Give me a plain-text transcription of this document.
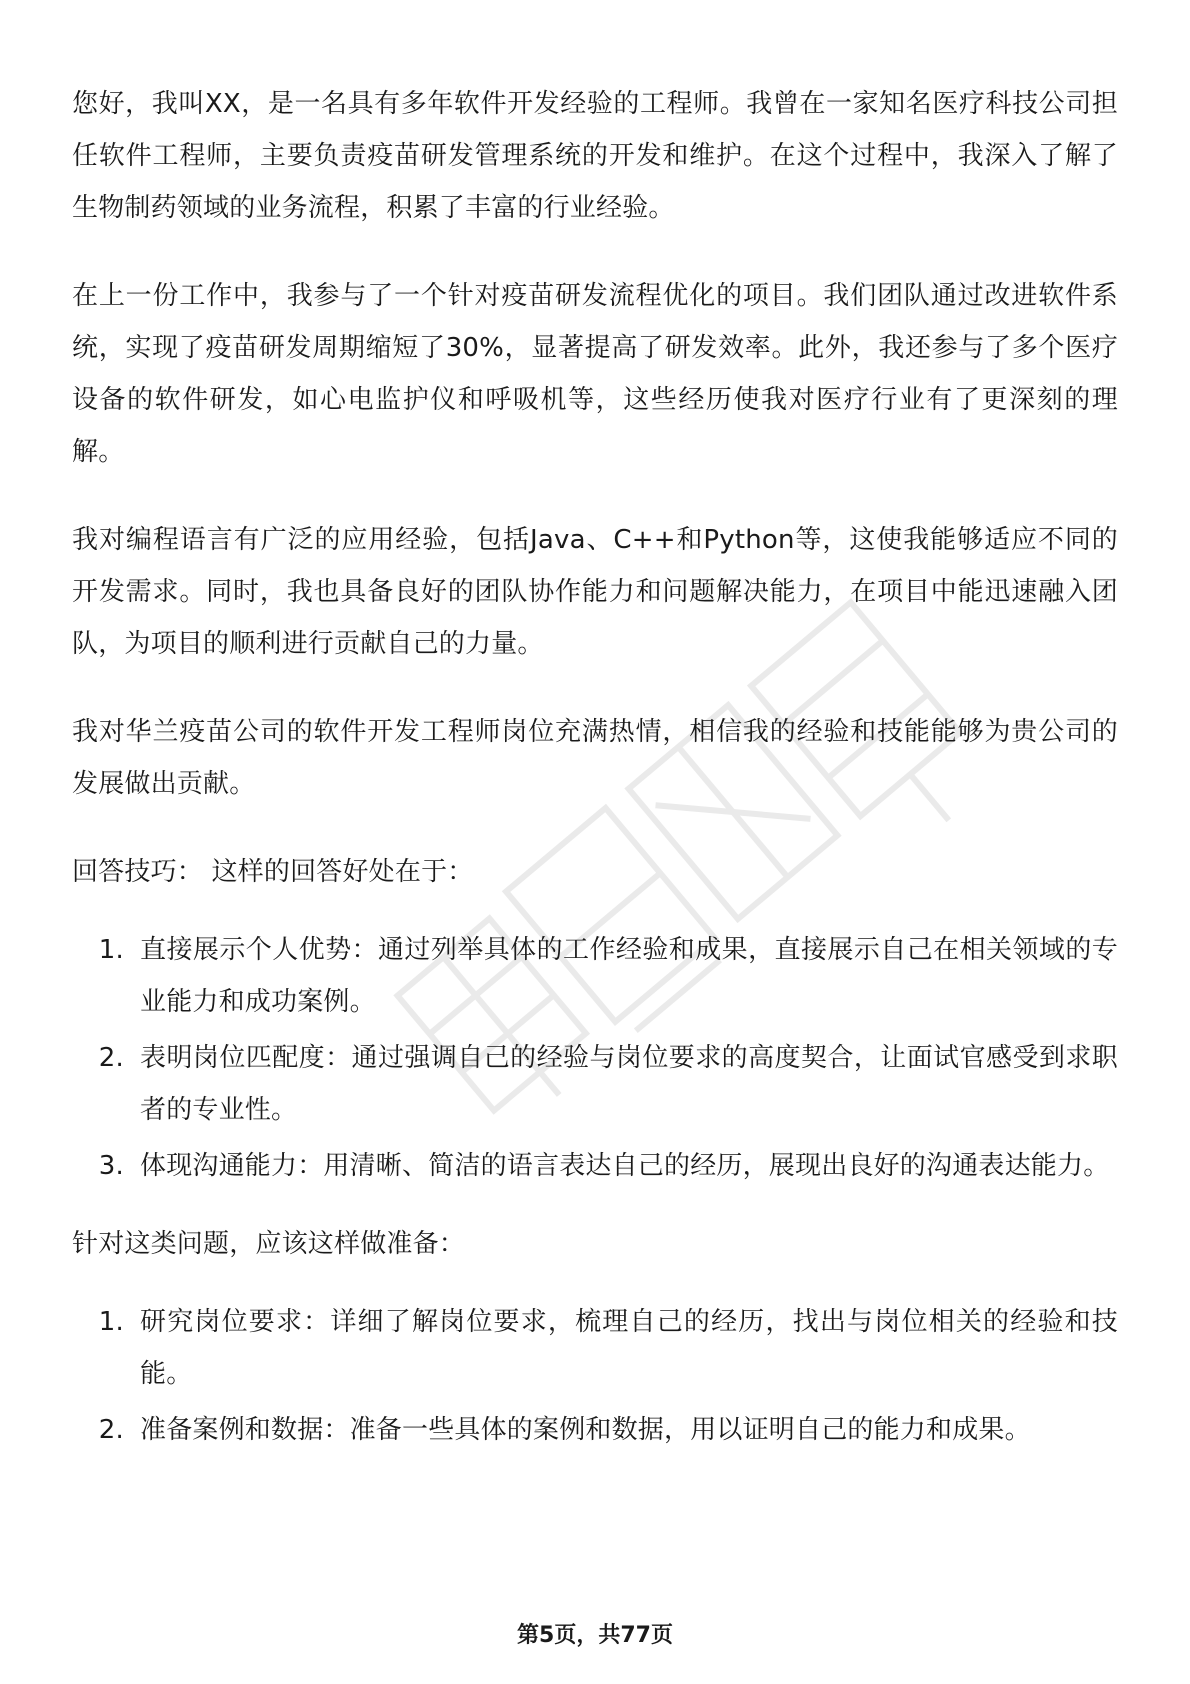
您好，我叫XX，是一名具有多年软件开发经验的工程师。我曾在一家知名医疗科技公司担任软件工程师，主要负责疫苗研发管理系统的开发和维护。在这个过程中，我深入了解了生物制药领域的业务流程，积累了丰富的行业经验。

在上一份工作中，我参与了一个针对疫苗研发流程优化的项目。我们团队通过改进软件系统，实现了疫苗研发周期缩短了30%，显著提高了研发效率。此外，我还参与了多个医疗设备的软件研发，如心电监护仪和呼吸机等，这些经历使我对医疗行业有了更深刻的理解。

我对编程语言有广泛的应用经验，包括Java、C++和Python等，这使我能够适应不同的开发需求。同时，我也具备良好的团队协作能力和问题解决能力，在项目中能迅速融入团队，为项目的顺利进行贡献自己的力量。

我对华兰疫苗公司的软件开发工程师岗位充满热情，相信我的经验和技能能够为贵公司的发展做出贡献。

回答技巧： 这样的回答好处在于：

1. 直接展示个人优势：通过列举具体的工作经验和成果，直接展示自己在相关领域的专业能力和成功案例。
2. 表明岗位匹配度：通过强调自己的经验与岗位要求的高度契合，让面试官感受到求职者的专业性。
3. 体现沟通能力：用清晰、简洁的语言表达自己的经历，展现出良好的沟通表达能力。

针对这类问题，应该这样做准备：

1. 研究岗位要求：详细了解岗位要求，梳理自己的经历，找出与岗位相关的经验和技能。
2. 准备案例和数据：准备一些具体的案例和数据，用以证明自己的能力和成果。
第5页，共77页
